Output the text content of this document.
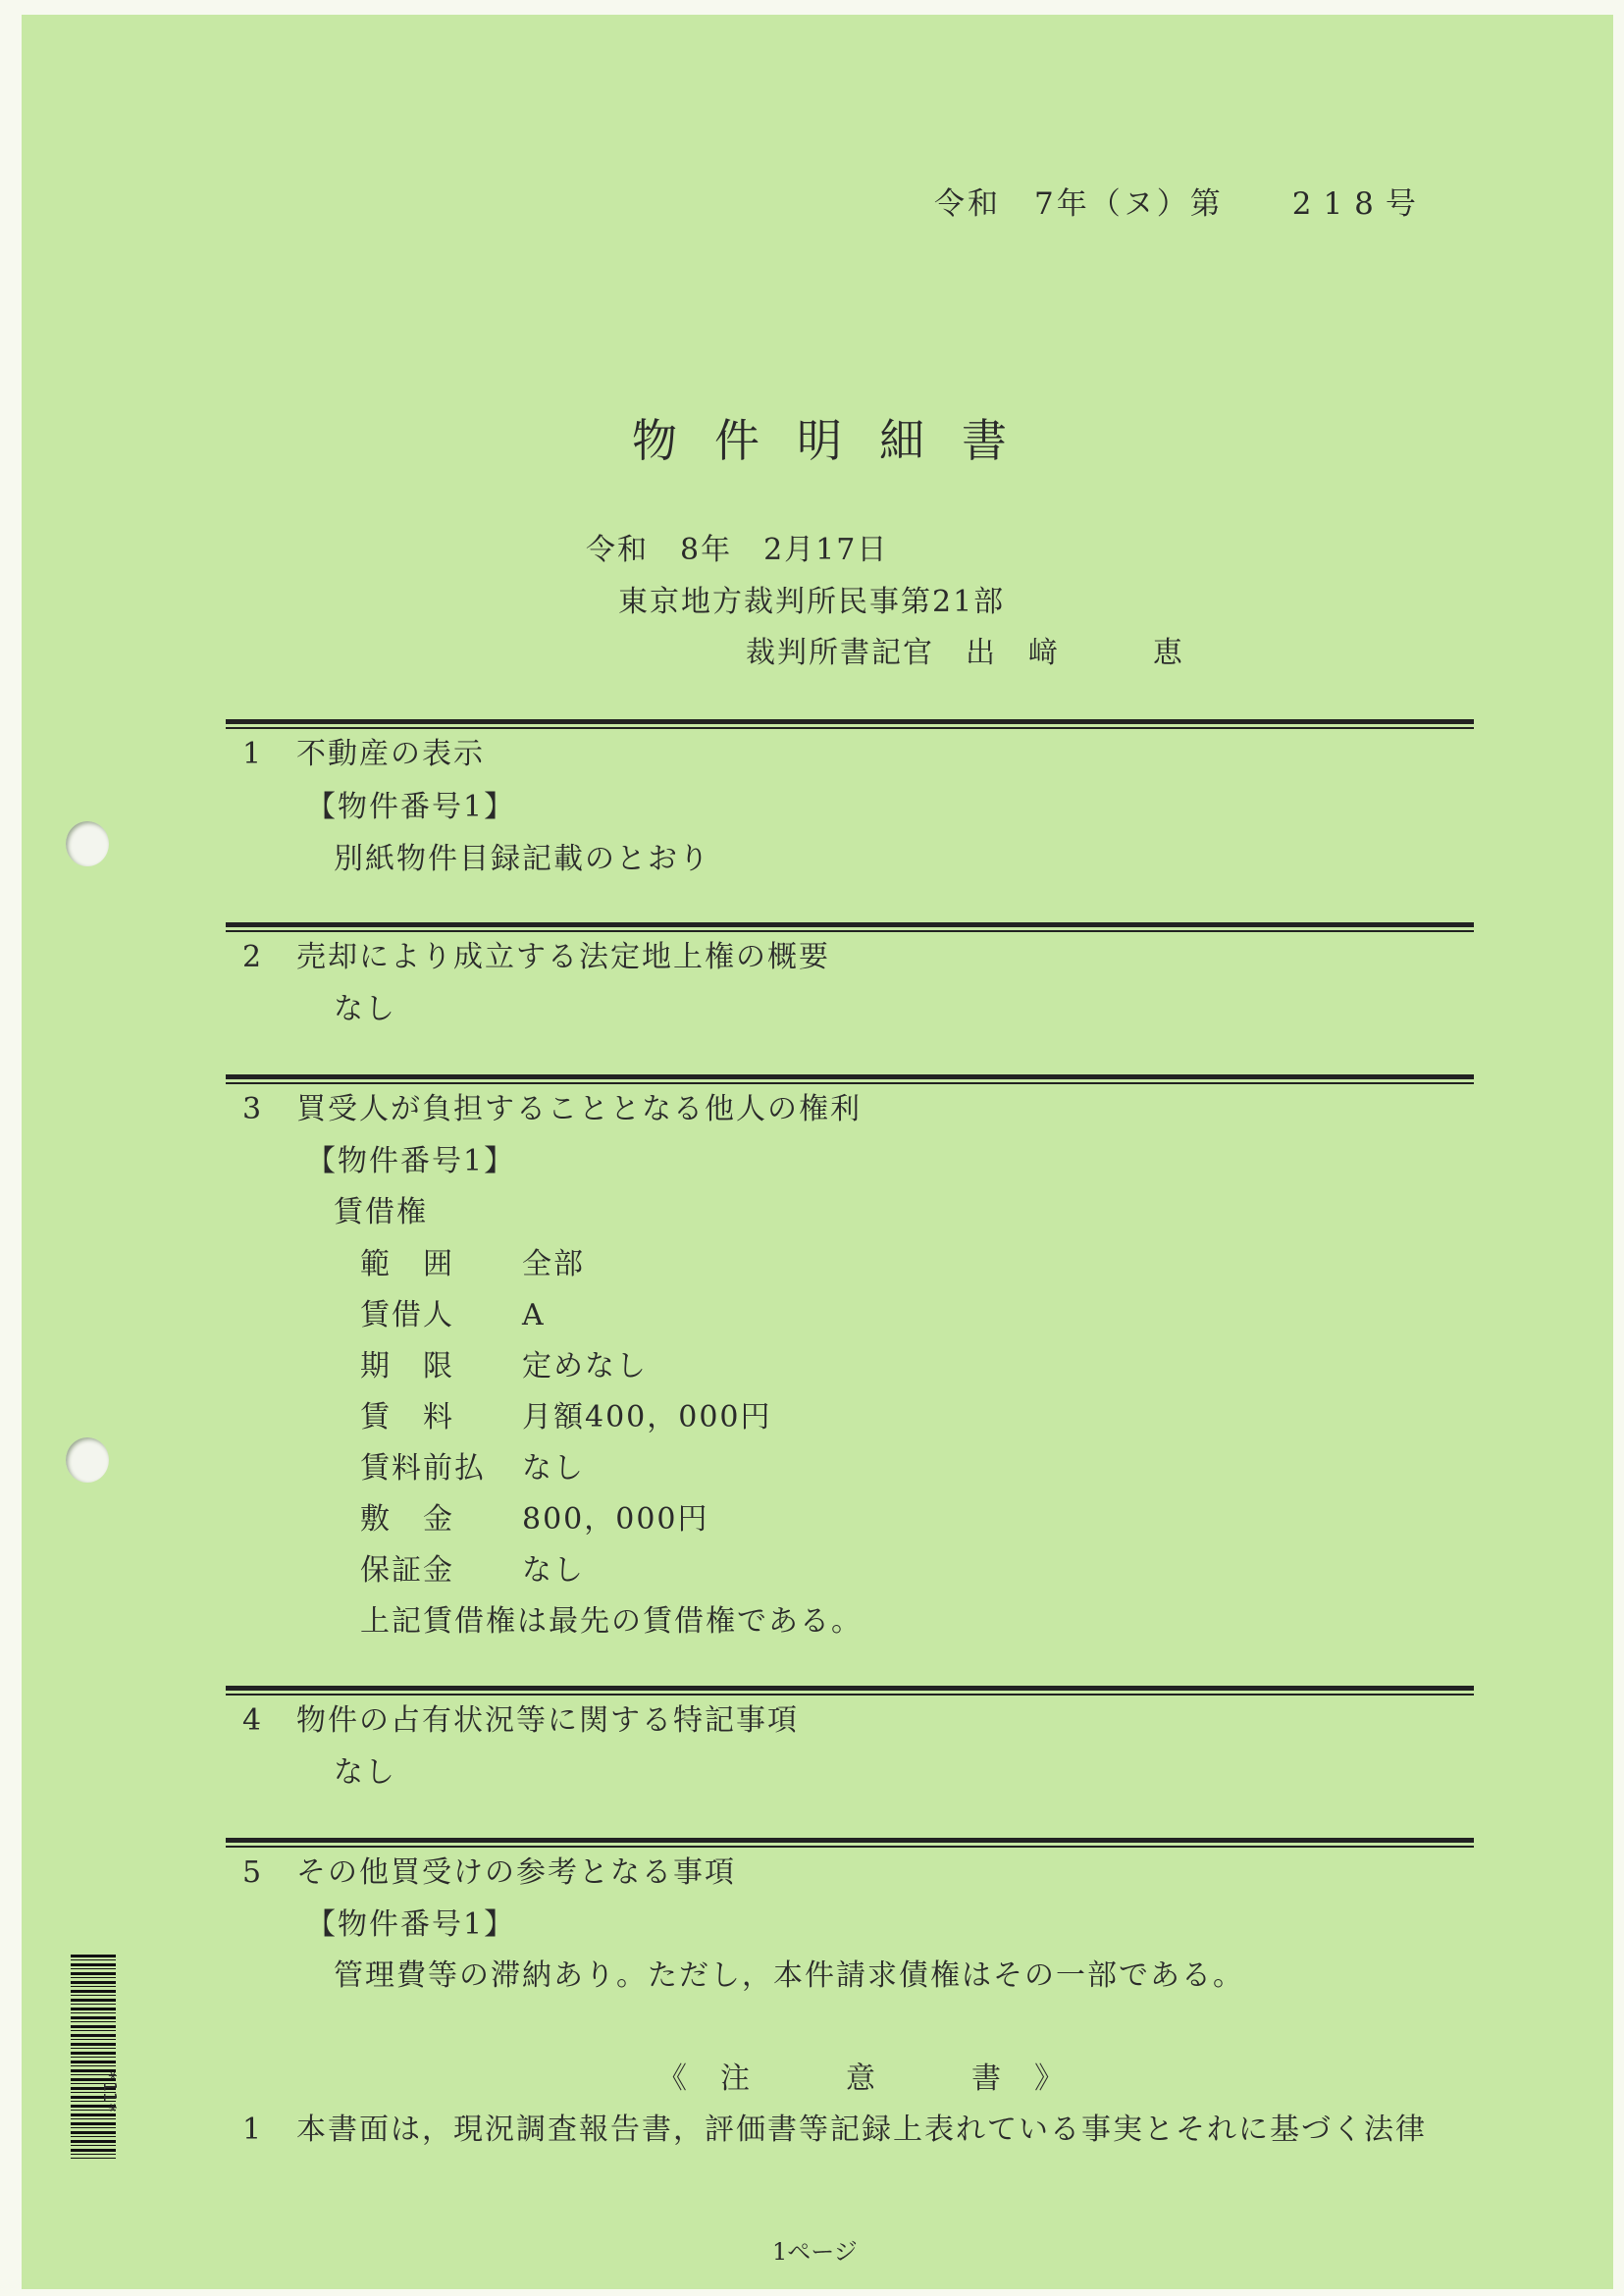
令和　7年（ヌ）第 218号
物件明細書
令和　8年　2月17日
東京地方裁判所民事第21部
裁判所書記官　 出　﨑	恵
1 不動産の表示
【物件番号1】
別紙物件目録記載のとおり
2 売却により成立する法定地上権の概要
なし
3 買受人が負担することとなる他人の権利
【物件番号1】
賃借権
範　囲 全部
賃借人 A
期　限 定めなし
賃　料 月額400，000円
賃料前払 なし
敷　金 800，000円
保証金 なし
上記賃借権は最先の賃借権である。
4 物件の占有状況等に関する特記事項
なし
5 その他買受けの参考となる事項
【物件番号1】
管理費等の滞納あり。ただし，本件請求債権はその一部である。
《　注　　　意　　　書　》
1 本書面は，現況調査報告書，評価書等記録上表れている事実とそれに基づく法律
*11*
1ページ
